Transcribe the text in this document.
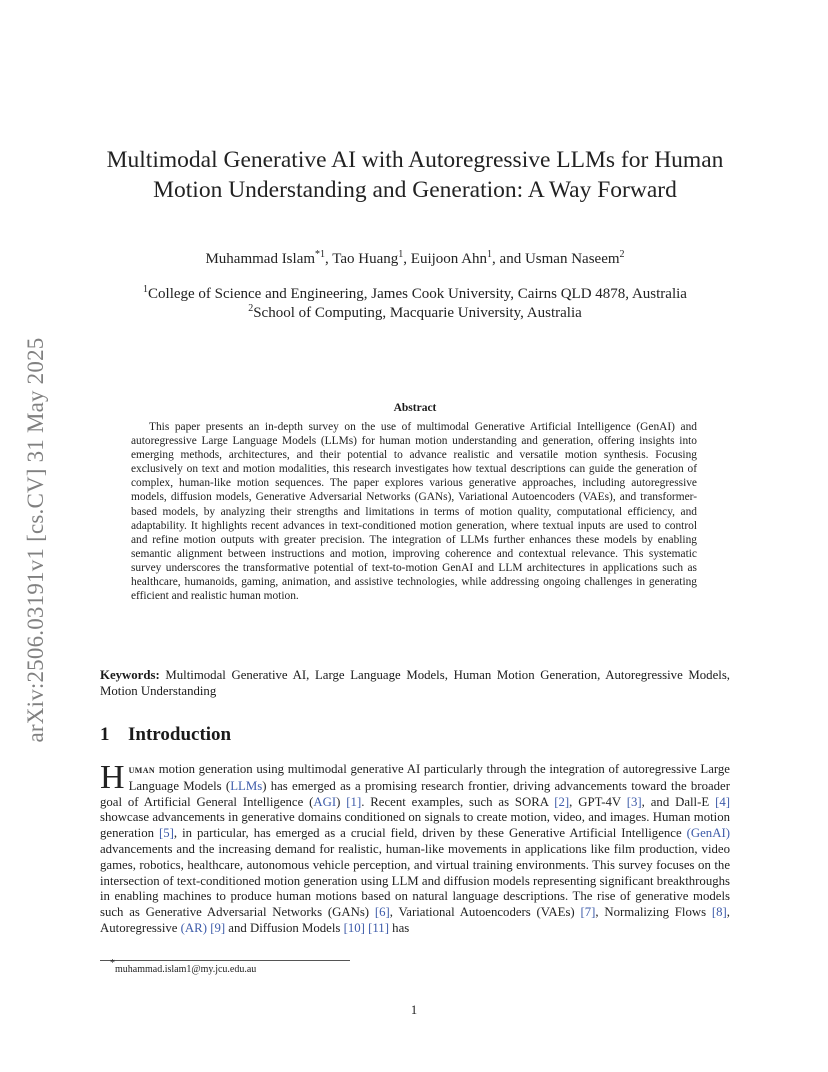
arXiv:2506.03191v1 [cs.CV] 31 May 2025
Multimodal Generative AI with Autoregressive LLMs for Human Motion Understanding and Generation: A Way Forward
Muhammad Islam$^{*1}$, Tao Huang$^1$, Euijoon Ahn$^1$, and Usman Naseem$^2$
$^1$College of Science and Engineering, James Cook University, Cairns QLD 4878, Australia
$^2$School of Computing, Macquarie University, Australia
Abstract
This paper presents an in-depth survey on the use of multimodal Generative Artificial Intelligence (GenAI) and autoregressive Large Language Models (LLMs) for human motion understanding and generation, offering insights into emerging methods, architectures, and their potential to advance realistic and versatile motion synthesis. Focusing exclusively on text and motion modalities, this research investigates how textual descriptions can guide the generation of complex, human-like motion sequences. The paper explores various generative approaches, including autoregressive models, diffusion models, Generative Adversarial Networks (GANs), Variational Autoencoders (VAEs), and transformer-based models, by analyzing their strengths and limitations in terms of motion quality, computational efficiency, and adaptability. It highlights recent advances in text-conditioned motion generation, where textual inputs are used to control and refine motion outputs with greater precision. The integration of LLMs further enhances these models by enabling semantic alignment between instructions and motion, improving coherence and contextual relevance. This systematic survey underscores the transformative potential of text-to-motion GenAI and LLM architectures in applications such as healthcare, humanoids, gaming, animation, and assistive technologies, while addressing ongoing challenges in generating efficient and realistic human motion.
Keywords: Multimodal Generative AI, Large Language Models, Human Motion Generation, Autoregressive Models, Motion Understanding
1 Introduction
Human motion generation using multimodal generative AI particularly through the integration of autoregressive Large Language Models (LLMs) has emerged as a promising research frontier, driving advancements toward the broader goal of Artificial General Intelligence (AGI) [1]. Recent examples, such as SORA [2], GPT-4V [3], and Dall-E [4] showcase advancements in generative domains conditioned on signals to create motion, video, and images. Human motion generation [5], in particular, has emerged as a crucial field, driven by these Generative Artificial Intelligence (GenAI) advancements and the increasing demand for realistic, human-like movements in applications like film production, video games, robotics, healthcare, autonomous vehicle perception, and virtual training environments. This survey focuses on the intersection of text-conditioned motion generation using LLM and diffusion models representing significant breakthroughs in enabling machines to produce human motions based on natural language descriptions. The rise of generative models such as Generative Adversarial Networks (GANs) [6], Variational Autoencoders (VAEs) [7], Normalizing Flows [8], Autoregressive (AR) [9] and Diffusion Models [10] [11] has
*muhammad.islam1@my.jcu.edu.au
1
